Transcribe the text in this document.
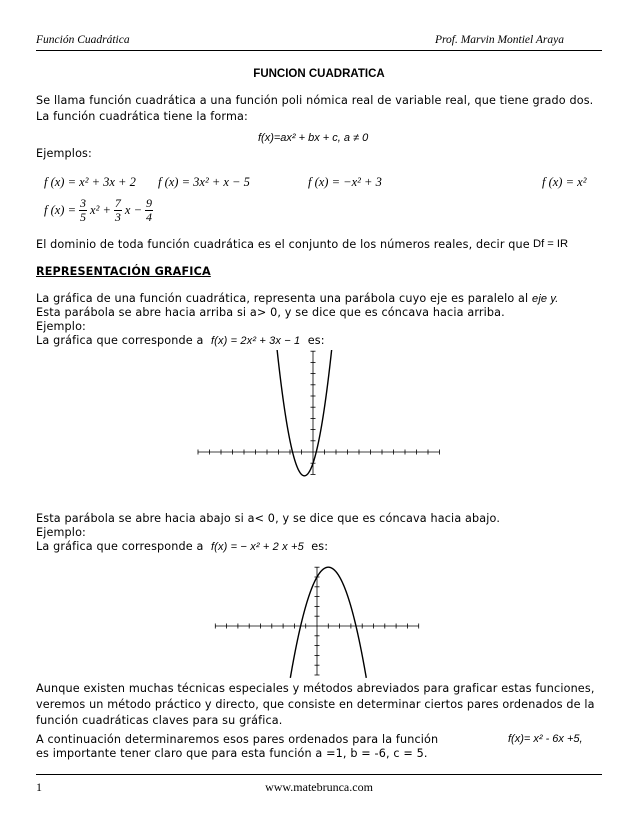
Función Cuadrática	Prof. Marvin Montiel Araya
FUNCION CUADRATICA
Se llama función cuadrática a una función poli nómica real de variable real, que tiene grado dos.
La función cuadrática tiene la forma:
f(x)=ax² + bx + c, a ≠ 0
Ejemplos:
f (x) = x² + 3x + 2 f (x) = 3x² + x − 5	f (x) = −x² + 3	f (x) = x²
f $(x) = \frac{3}{5} x^2 + \frac{7}{3}$ $x - \frac{9}{4}$
El dominio de toda función cuadrática es el conjunto de los números reales, decir que Df = IR
REPRESENTACIÓN GRAFICA
La gráfica de una función cuadrática, representa una parábola cuyo eje es paralelo al eje y.
Esta parábola se abre hacia arriba si a> 0, y se dice que es cóncava hacia arriba.
Ejemplo:
La gráfica que corresponde a f(x) = 2x² + 3x − 1 es:
Esta parábola se abre hacia abajo si a< 0, y se dice que es cóncava hacia abajo.
Ejemplo:
La gráfica que corresponde a f(x) = − x² + 2 x +5 es:
Aunque existen muchas técnicas especiales y métodos abreviados para graficar estas funciones,
veremos un método práctico y directo, que consiste en determinar ciertos pares ordenados de la
función cuadráticas claves para su gráfica.
A continuación determinaremos esos pares ordenados para la función	f(x)= x² - 6x +5,
es importante tener claro que para esta función a =1, b = -6, c = 5.
1	www.matebrunca.com
